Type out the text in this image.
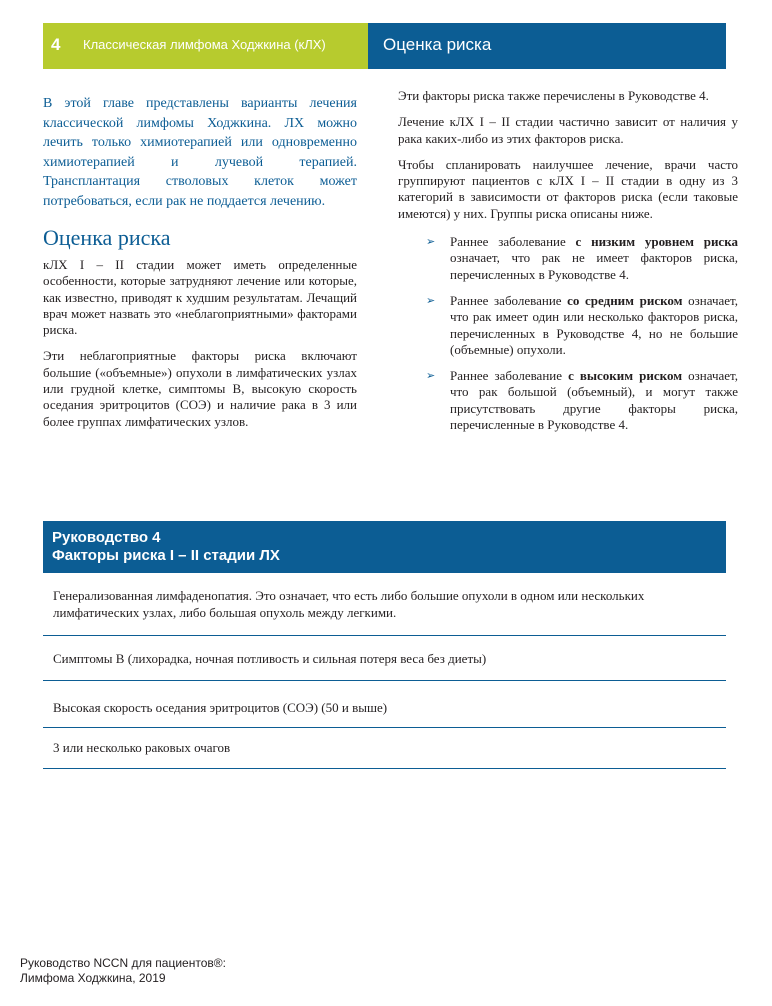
4 Классическая лимфома Ходжкина (кЛХ)	Оценка риска

В этой главе представлены варианты лечения классической лимфомы Ходжкина. ЛХ можно лечить только химиотерапией или одновременно химиотерапией и лучевой терапией. Трансплантация стволовых клеток может потребоваться, если рак не поддается лечению.

Оценка риска

кЛХ I – II стадии может иметь определенные особенности, которые затрудняют лечение или которые, как известно, приводят к худшим результатам. Лечащий врач может назвать это «неблагоприятными» факторами риска.

Эти неблагоприятные факторы риска включают большие («объемные») опухоли в лимфатических узлах или грудной клетке, симптомы В, высокую скорость оседания эритроцитов (СОЭ) и наличие рака в 3 или более группах лимфатических узлов.

Эти факторы риска также перечислены в Руководстве 4.

Лечение кЛХ I – II стадии частично зависит от наличия у рака каких-либо из этих факторов риска.

Чтобы спланировать наилучшее лечение, врачи часто группируют пациентов с кЛХ I – II стадии в одну из 3 категорий в зависимости от факторов риска (если таковые имеются) у них. Группы риска описаны ниже.

➢ Раннее заболевание с низким уровнем риска означает, что рак не имеет факторов риска, перечисленных в Руководстве 4.
➢ Раннее заболевание со средним риском означает, что рак имеет один или несколько факторов риска, перечисленных в Руководстве 4, но не большие (объемные) опухоли.
➢ Раннее заболевание с высоким риском означает, что рак большой (объемный), и могут также присутствовать другие факторы риска, перечисленные в Руководстве 4.
Руководство 4
Факторы риска I – II стадии ЛХ
Генерализованная лимфаденопатия. Это означает, что есть либо большие опухоли в одном или нескольких лимфатических узлах, либо большая опухоль между легкими.
Симптомы В (лихорадка, ночная потливость и сильная потеря веса без диеты)
Высокая скорость оседания эритроцитов (СОЭ) (50 и выше)
3 или несколько раковых очагов
Руководство NCCN для пациентов®:
Лимфома Ходжкина, 2019
